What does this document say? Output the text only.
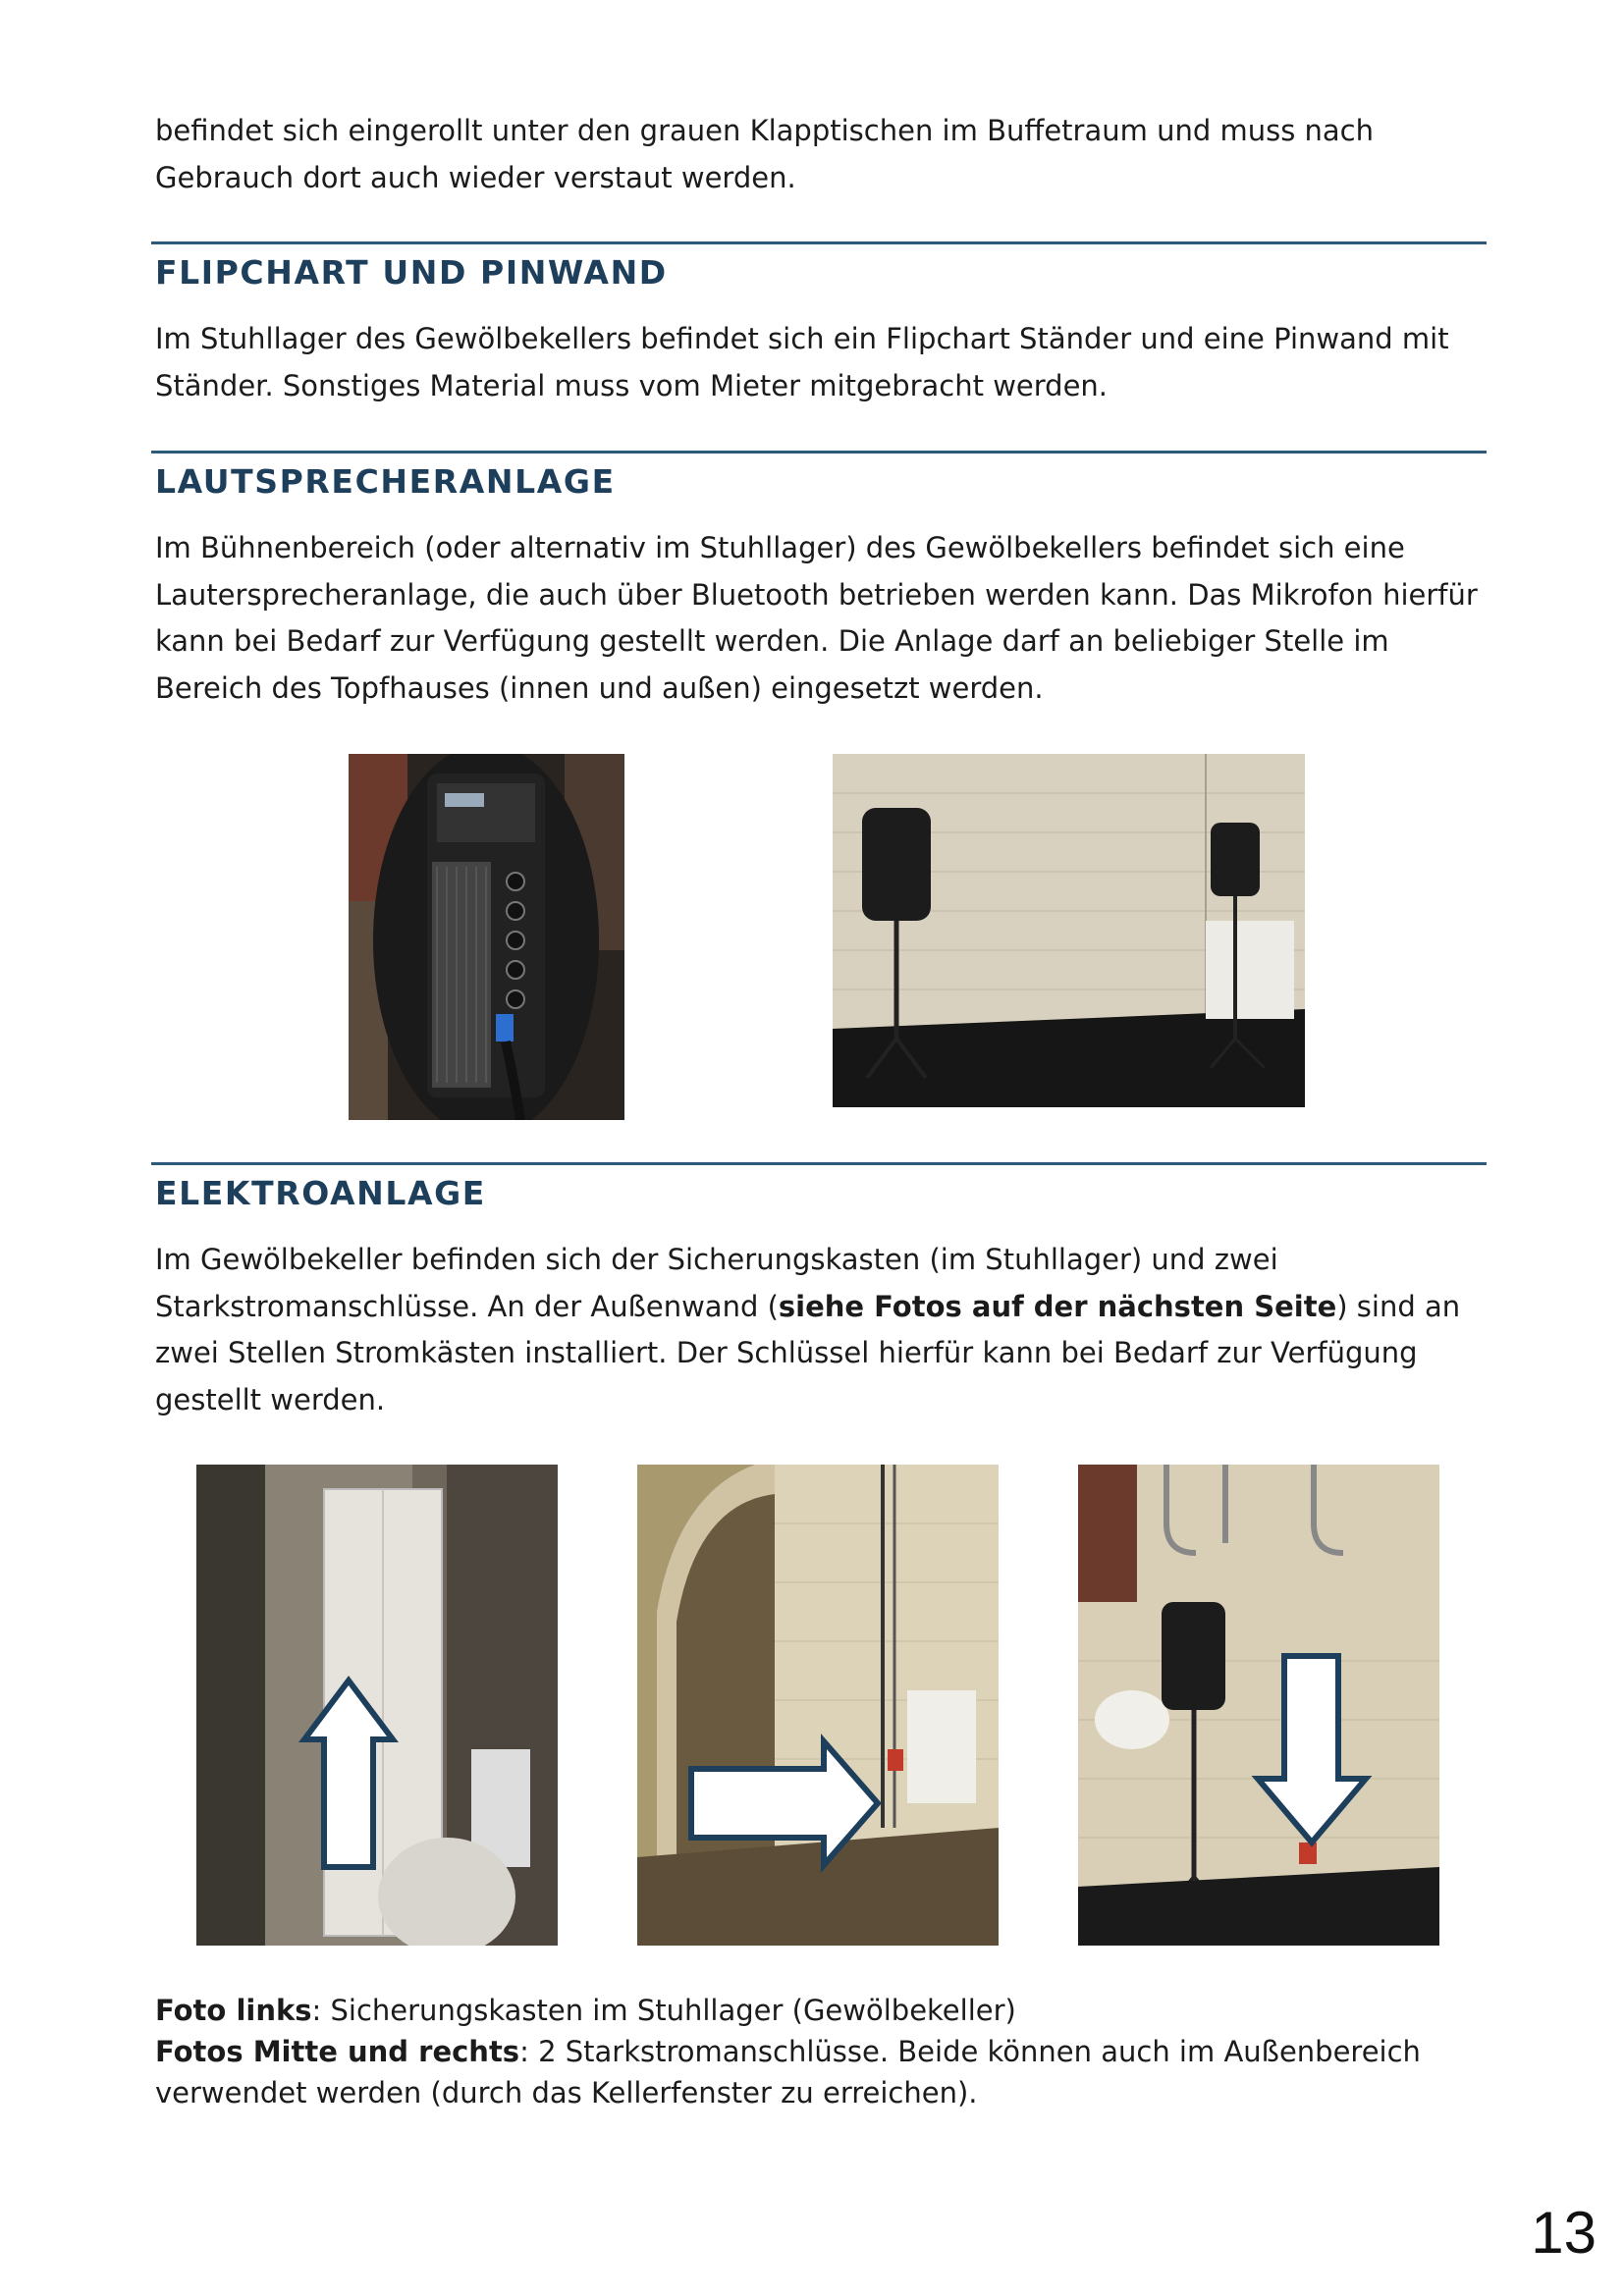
befindet sich eingerollt unter den grauen Klapptischen im Buffetraum und muss nach Gebrauch dort auch wieder verstaut werden.

FLIPCHART UND PINWAND

Im Stuhllager des Gewölbekellers befindet sich ein Flipchart Ständer und eine Pinwand mit Ständer. Sonstiges Material muss vom Mieter mitgebracht werden.

LAUTSPRECHERANLAGE

Im Bühnenbereich (oder alternativ im Stuhllager) des Gewölbekellers befindet sich eine Lautersprecheranlage, die auch über Bluetooth betrieben werden kann. Das Mikrofon hierfür kann bei Bedarf zur Verfügung gestellt werden. Die Anlage darf an beliebiger Stelle im Bereich des Topfhauses (innen und außen) eingesetzt werden.

ELEKTROANLAGE

Im Gewölbekeller befinden sich der Sicherungskasten (im Stuhllager) und zwei Starkstromanschlüsse. An der Außenwand (siehe Fotos auf der nächsten Seite) sind an zwei Stellen Stromkästen installiert. Der Schlüssel hierfür kann bei Bedarf zur Verfügung gestellt werden.

Foto links: Sicherungskasten im Stuhllager (Gewölbekeller)

Fotos Mitte und rechts: 2 Starkstromanschlüsse. Beide können auch im Außenbereich verwendet werden (durch das Kellerfenster zu erreichen).

13
